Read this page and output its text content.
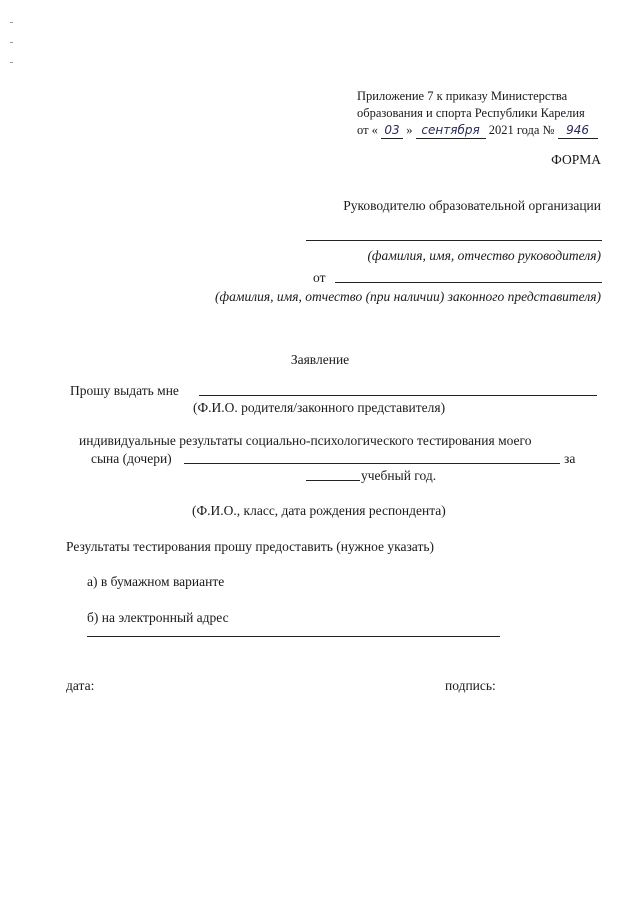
Приложение 7 к приказу Министерства
образования и спорта Республики Карелия
от « 03 » сентября 2021 года № 946
ФОРМА
Руководителю образовательной организации
(фамилия, имя, отчество руководителя)
от
(фамилия, имя, отчество (при наличии) законного представителя)
Заявление
Прошу выдать мне
(Ф.И.О. родителя/законного представителя)
индивидуальные результаты социально-психологического тестирования моего
сына (дочери)	за
учебный год.
(Ф.И.О., класс, дата рождения респондента)
Результаты тестирования прошу предоставить (нужное указать)
а) в бумажном варианте
б) на электронный адрес
дата:	подпись:
